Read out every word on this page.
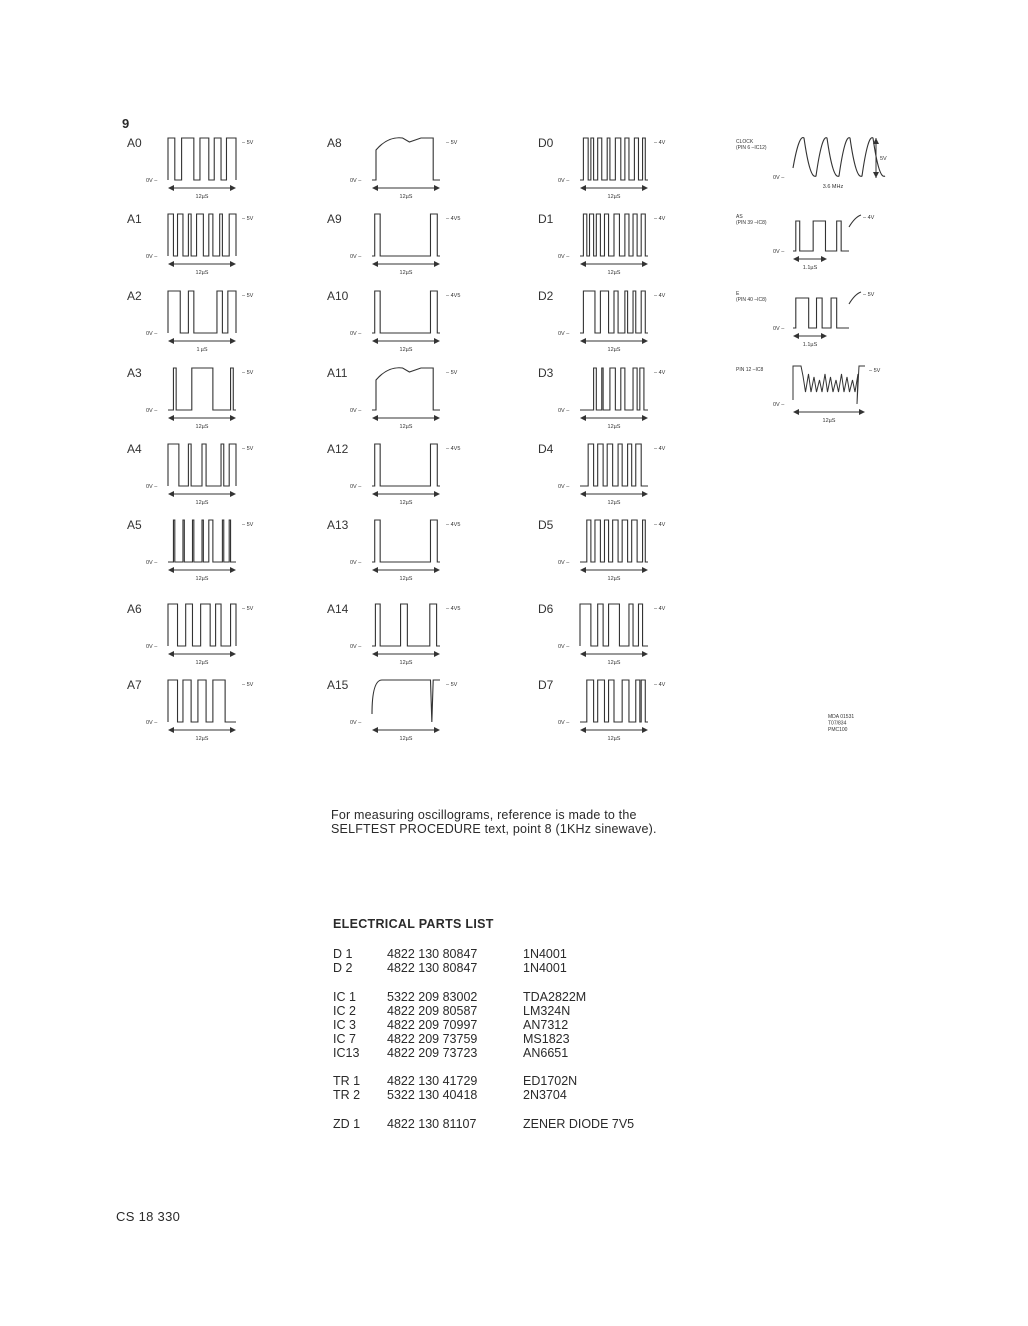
A0	– 5V
0V –
12µS
A1	– 5V
0V –
12µS
A2	– 5V
0V –
1 µS
A3	– 5V
0V –
12µS
A4	– 5V
0V –
12µS
A5	– 5V
0V –
12µS
A6	– 5V
0V –
12µS
A7	– 5V
0V –
12µS
A8	– 5V
0V –
12µS
A9	– 4V5
0V –
12µS
A10	– 4V5
0V –
12µS
A11	– 5V
0V –
12µS
A12	– 4V5
0V –
12µS
A13	– 4V5
0V –
12µS
A14	– 4V5
0V –
12µS
A15	– 5V
0V –
12µS
D0	– 4V
0V –
12µS
D1	– 4V
0V –
12µS
D2	– 4V
0V –
12µS
D3	– 4V
0V –
12µS
D4	– 4V
0V –
12µS
D5	– 4V
0V –
12µS
D6	– 4V
0V –
12µS
D7	– 4V
0V –
12µS
CLOCK
(PIN 6 –IC12)
5V
0V –
3.6 MHz
AS
(PIN 39 –IC8)
– 4V
0V –
1.1µS
E
(PIN 40 –IC8)
– 5V
0V –
1.1µS
PIN 12 –IC8	– 5V
0V –
12µS
MDA 01531
T07/834
PMC100
9
For measuring oscillograms, reference is made to the
SELFTEST PROCEDURE text, point 8 (1KHz sinewave).
ELECTRICAL PARTS LIST
D 1	4822 130 80847	1N4001
D 2	4822 130 80847	1N4001
IC 1 5322 209 83002	TDA2822M
IC 2 4822 209 80587	LM324N
IC 3 4822 209 70997	AN7312
IC 7 4822 209 73759	MS1823
IC13 4822 209 73723	AN6651
TR 1 4822 130 41729	ED1702N
TR 2 5322 130 40418	2N3704
ZD 1 4822 130 81107	ZENER DIODE 7V5
CS 18 330
